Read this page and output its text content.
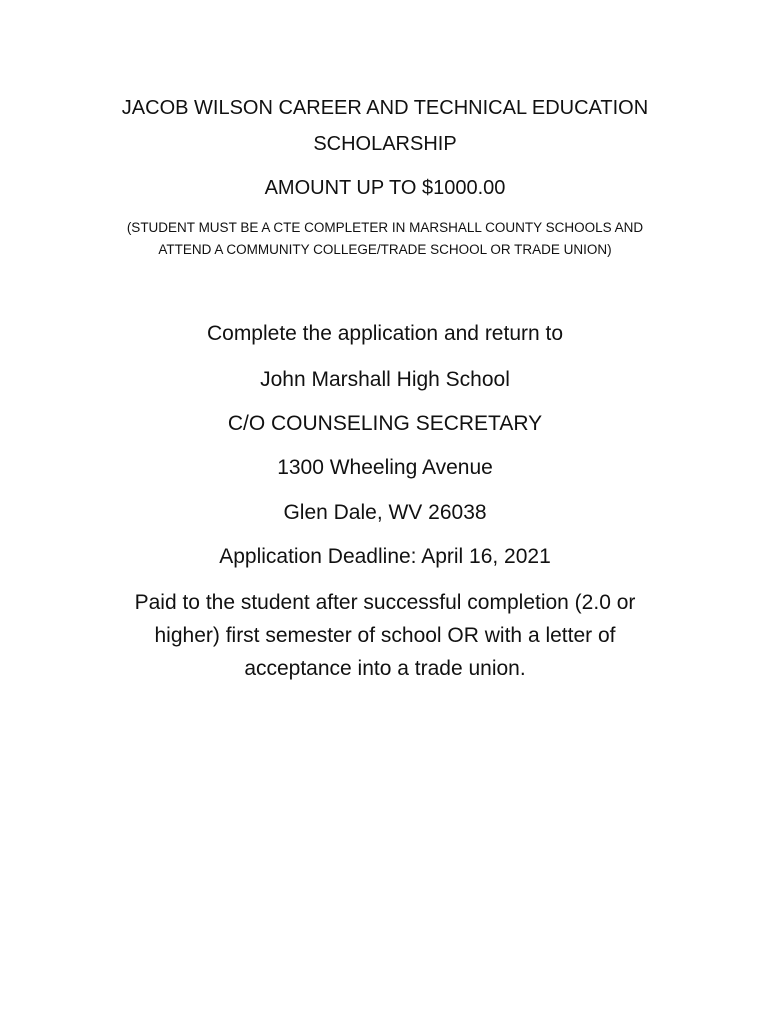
JACOB WILSON CAREER AND TECHNICAL EDUCATION

SCHOLARSHIP

AMOUNT UP TO $1000.00

(STUDENT MUST BE A CTE COMPLETER IN MARSHALL COUNTY SCHOOLS AND

ATTEND A COMMUNITY COLLEGE/TRADE SCHOOL OR TRADE UNION)

Complete the application and return to

John Marshall High School

C/O COUNSELING SECRETARY

1300 Wheeling Avenue

Glen Dale, WV 26038

Application Deadline: April 16, 2021

Paid to the student after successful completion (2.0 or

higher) first semester of school OR with a letter of

acceptance into a trade union.
